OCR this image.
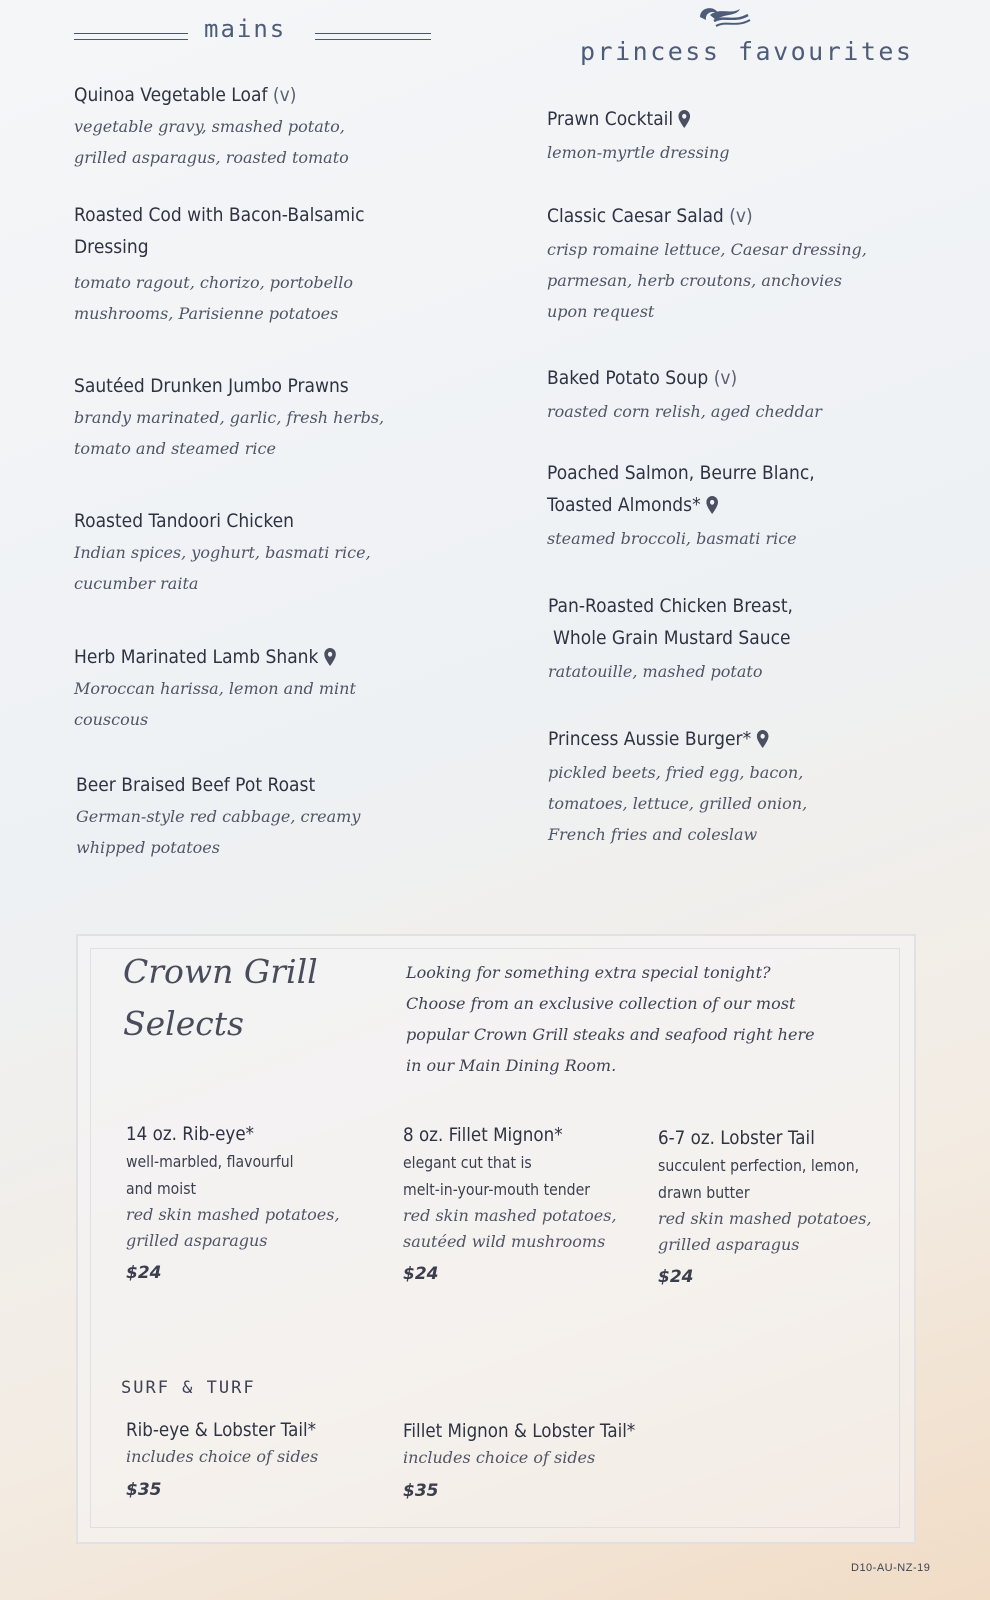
mains
princess favourites
Quinoa Vegetable Loaf (v)
vegetable gravy, smashed potato,
grilled asparagus, roasted tomato
Roasted Cod with Bacon-Balsamic
Dressing
tomato ragout, chorizo, portobello
mushrooms, Parisienne potatoes
Sautéed Drunken Jumbo Prawns
brandy marinated, garlic, fresh herbs,
tomato and steamed rice
Roasted Tandoori Chicken
Indian spices, yoghurt, basmati rice,
cucumber raita
Herb Marinated Lamb Shank
Moroccan harissa, lemon and mint
couscous
Beer Braised Beef Pot Roast
German-style red cabbage, creamy
whipped potatoes
Prawn Cocktail
lemon-myrtle dressing
Classic Caesar Salad (v)
crisp romaine lettuce, Caesar dressing,
parmesan, herb croutons, anchovies
upon request
Baked Potato Soup (v)
roasted corn relish, aged cheddar
Poached Salmon, Beurre Blanc,
Toasted Almonds*
steamed broccoli, basmati rice
Pan-Roasted Chicken Breast,
Whole Grain Mustard Sauce
ratatouille, mashed potato
Princess Aussie Burger*
pickled beets, fried egg, bacon,
tomatoes, lettuce, grilled onion,
French fries and coleslaw
Crown Grill
Selects
Looking for something extra special tonight?
Choose from an exclusive collection of our most
popular Crown Grill steaks and seafood right here
in our Main Dining Room.
14 oz. Rib-eye*
well-marbled, flavourful
and moist
red skin mashed potatoes,
grilled asparagus
$24
8 oz. Fillet Mignon*
elegant cut that is
melt-in-your-mouth tender
red skin mashed potatoes,
sautéed wild mushrooms
$24
6-7 oz. Lobster Tail
succulent perfection, lemon,
drawn butter
red skin mashed potatoes,
grilled asparagus
$24
SURF & TURF
Rib-eye & Lobster Tail*
includes choice of sides
$35
Fillet Mignon & Lobster Tail*
includes choice of sides
$35
D10-AU-NZ-19
